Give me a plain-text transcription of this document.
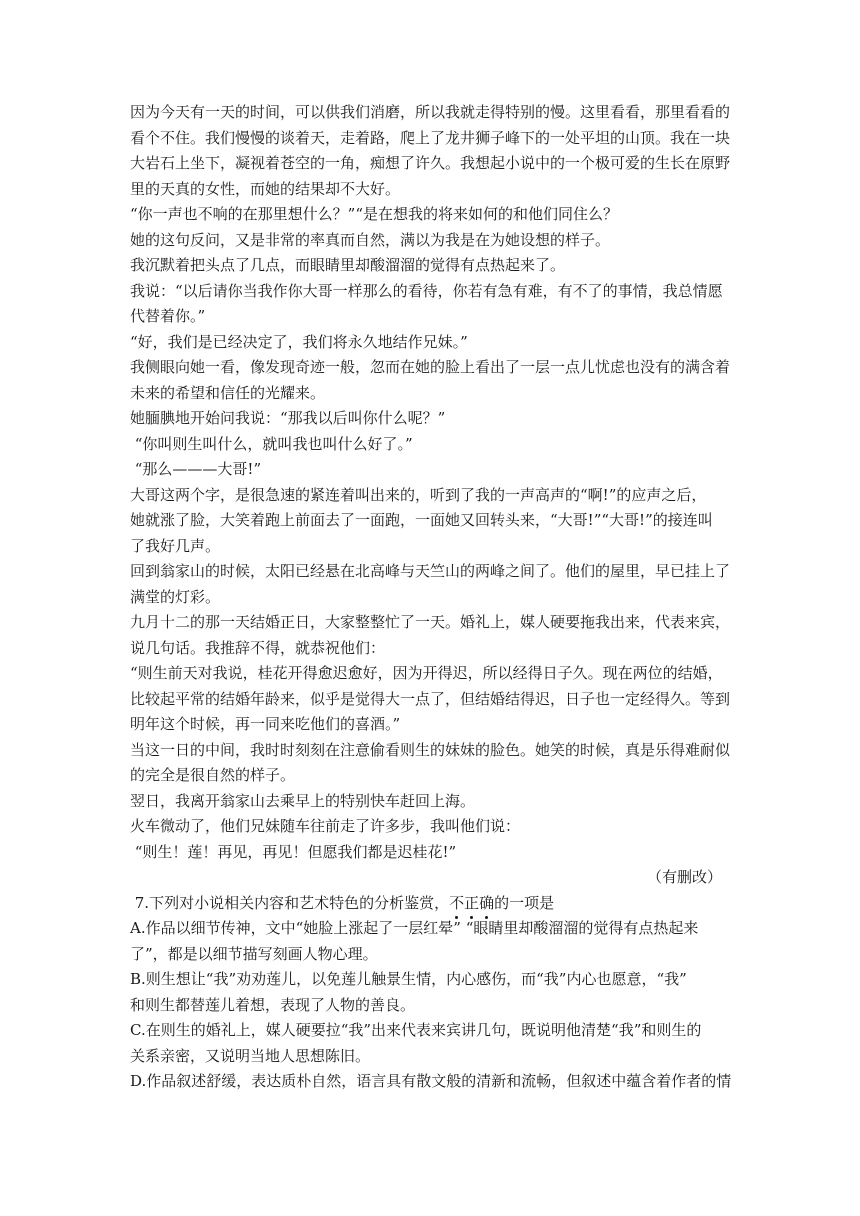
因为今天有一天的时间，可以供我们消磨，所以我就走得特别的慢。这里看看，那里看看的

看个不住。我们慢慢的谈着天，走着路，爬上了龙井狮子峰下的一处平坦的山顶。我在一块

大岩石上坐下，凝视着苍空的一角，痴想了许久。我想起小说中的一个极可爱的生长在原野

里的天真的女性，而她的结果却不大好。

“你一声也不响的在那里想什么？”“是在想我的将来如何的和他们同住么？

她的这句反问，又是非常的率真而自然，满以为我是在为她设想的样子。

我沉默着把头点了几点，而眼睛里却酸溜溜的觉得有点热起来了。

我说：“以后请你当我作你大哥一样那么的看待，你若有急有难，有不了的事情，我总情愿

代替着你。”

“好，我们是已经决定了，我们将永久地结作兄妹。”

我侧眼向她一看，像发现奇迹一般，忽而在她的脸上看出了一层一点儿忧虑也没有的满含着

未来的希望和信任的光耀来。

她腼腆地开始问我说：“那我以后叫你什么呢？”

“你叫则生叫什么，就叫我也叫什么好了。”

“那么———大哥!”

大哥这两个字，是很急速的紧连着叫出来的，听到了我的一声高声的“啊!”的应声之后，

她就涨了脸，大笑着跑上前面去了一面跑，一面她又回转头来，“大哥!”“大哥!”的接连叫

了我好几声。

回到翁家山的时候，太阳已经悬在北高峰与天竺山的两峰之间了。他们的屋里，早已挂上了

满堂的灯彩。

九月十二的那一天结婚正日，大家整整忙了一天。婚礼上，媒人硬要拖我出来，代表来宾，

说几句话。我推辞不得，就恭祝他们：

“则生前天对我说，桂花开得愈迟愈好，因为开得迟，所以经得日子久。现在两位的结婚，

比较起平常的结婚年龄来，似乎是觉得大一点了，但结婚结得迟，日子也一定经得久。等到

明年这个时候，再一同来吃他们的喜酒。”

当这一日的中间，我时时刻刻在注意偷看则生的妹妹的脸色。她笑的时候，真是乐得难耐似

的完全是很自然的样子。

翌日，我离开翁家山去乘早上的特别快车赶回上海。

火车微动了，他们兄妹随车往前走了许多步，我叫他们说：

“则生！莲！再见，再见！但愿我们都是迟桂花!”

（有删改）

7.下列对小说相关内容和艺术特色的分析鉴赏，不正确的一项是

A.作品以细节传神，文中“她脸上涨起了一层红晕” “眼睛里却酸溜溜的觉得有点热起来

了”，都是以细节描写刻画人物心理。

B.则生想让“我”劝劝莲儿，以免莲儿触景生情，内心感伤，而“我”内心也愿意，“我”

和则生都替莲儿着想，表现了人物的善良。

C.在则生的婚礼上，媒人硬要拉“我”出来代表来宾讲几句，既说明他清楚“我”和则生的

关系亲密，又说明当地人思想陈旧。

D.作品叙述舒缓，表达质朴自然，语言具有散文般的清新和流畅，但叙述中蕴含着作者的情
